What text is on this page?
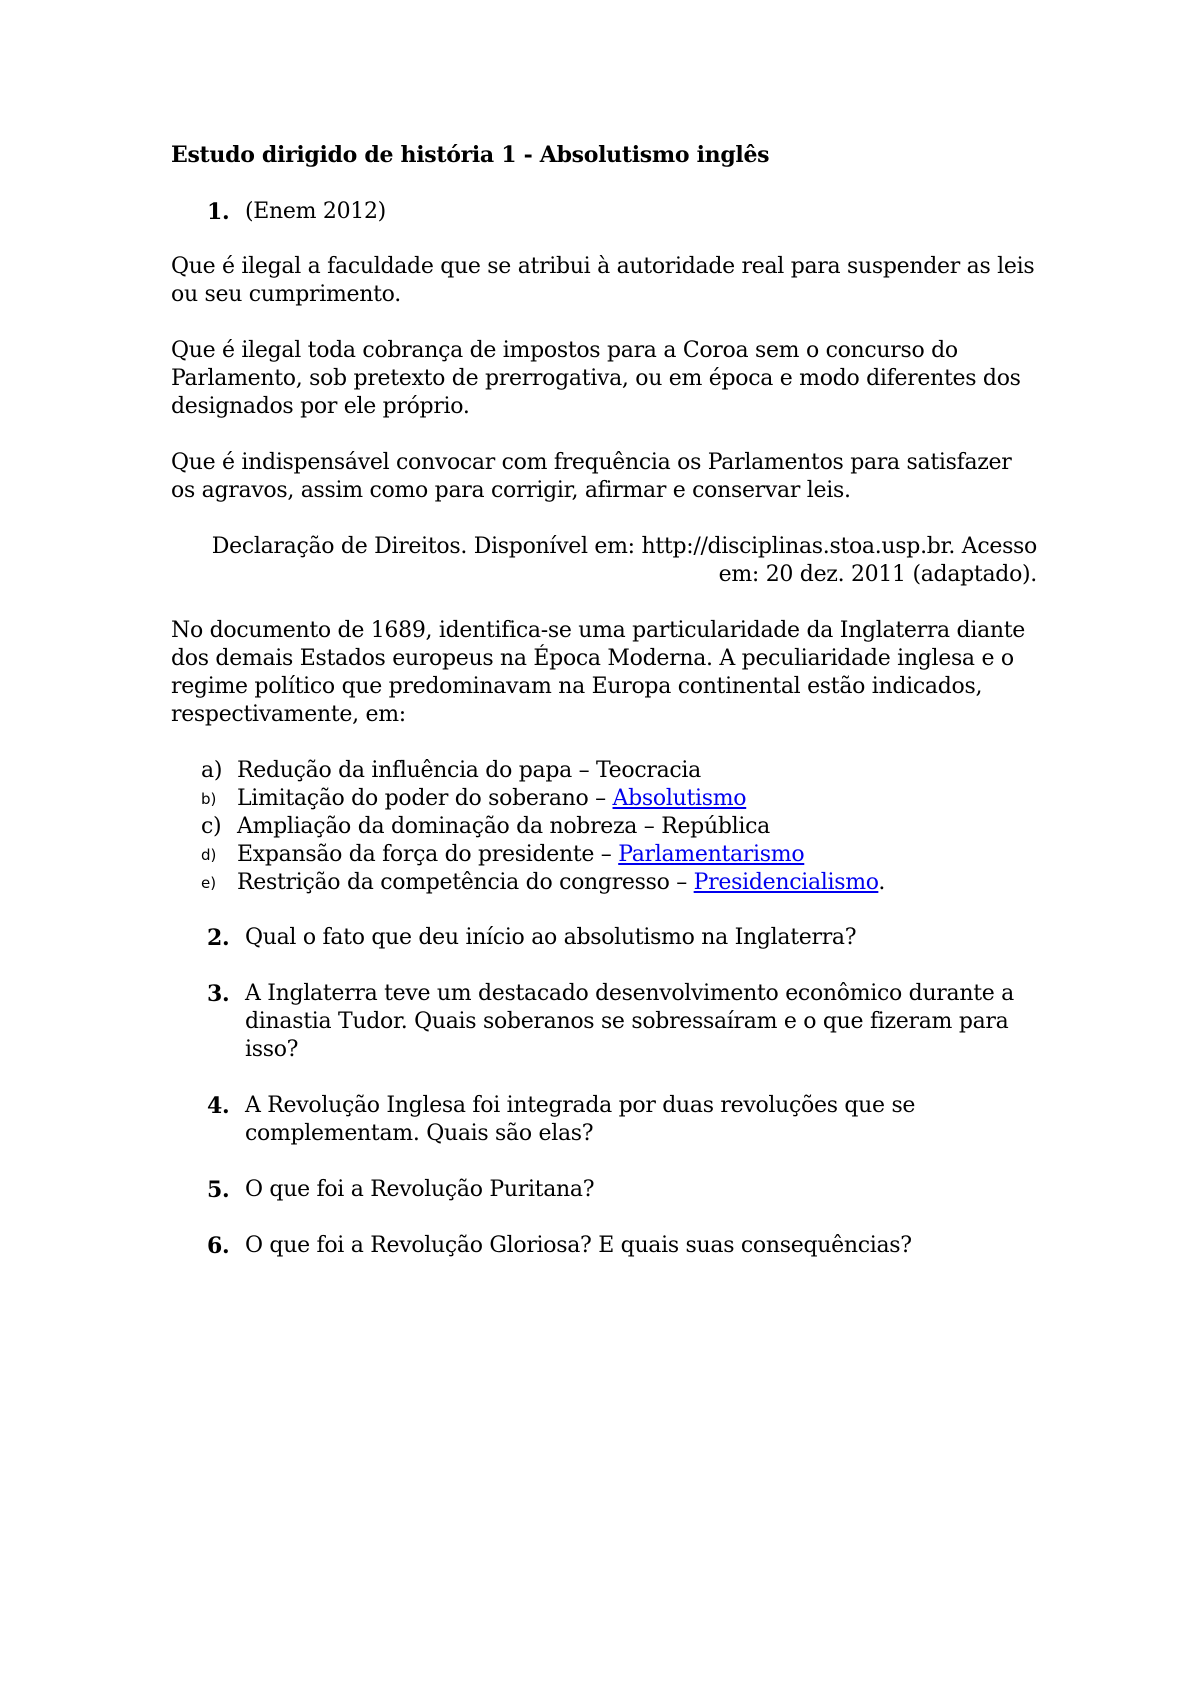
Estudo dirigido de história 1 - Absolutismo inglês
1. (Enem 2012)

Que é ilegal a faculdade que se atribui à autoridade real para suspender as leis ou seu cumprimento.

Que é ilegal toda cobrança de impostos para a Coroa sem o concurso do Parlamento, sob pretexto de prerrogativa, ou em época e modo diferentes dos designados por ele próprio.

Que é indispensável convocar com frequência os Parlamentos para satisfazer os agravos, assim como para corrigir, afirmar e conservar leis.

Declaração de Direitos. Disponível em: http://disciplinas.stoa.usp.br. Acesso em: 20 dez. 2011 (adaptado).

No documento de 1689, identifica-se uma particularidade da Inglaterra diante dos demais Estados europeus na Época Moderna. A peculiaridade inglesa e o regime político que predominavam na Europa continental estão indicados, respectivamente, em:

a) Redução da influência do papa – Teocracia
b) Limitação do poder do soberano – Absolutismo
c) Ampliação da dominação da nobreza – República
d) Expansão da força do presidente – Parlamentarismo
e) Restrição da competência do congresso – Presidencialismo.
2. Qual o fato que deu início ao absolutismo na Inglaterra?
3. A Inglaterra teve um destacado desenvolvimento econômico durante a dinastia Tudor. Quais soberanos se sobressaíram e o que fizeram para isso?
4. A Revolução Inglesa foi integrada por duas revoluções que se complementam. Quais são elas?
5. O que foi a Revolução Puritana?
6. O que foi a Revolução Gloriosa? E quais suas consequências?
